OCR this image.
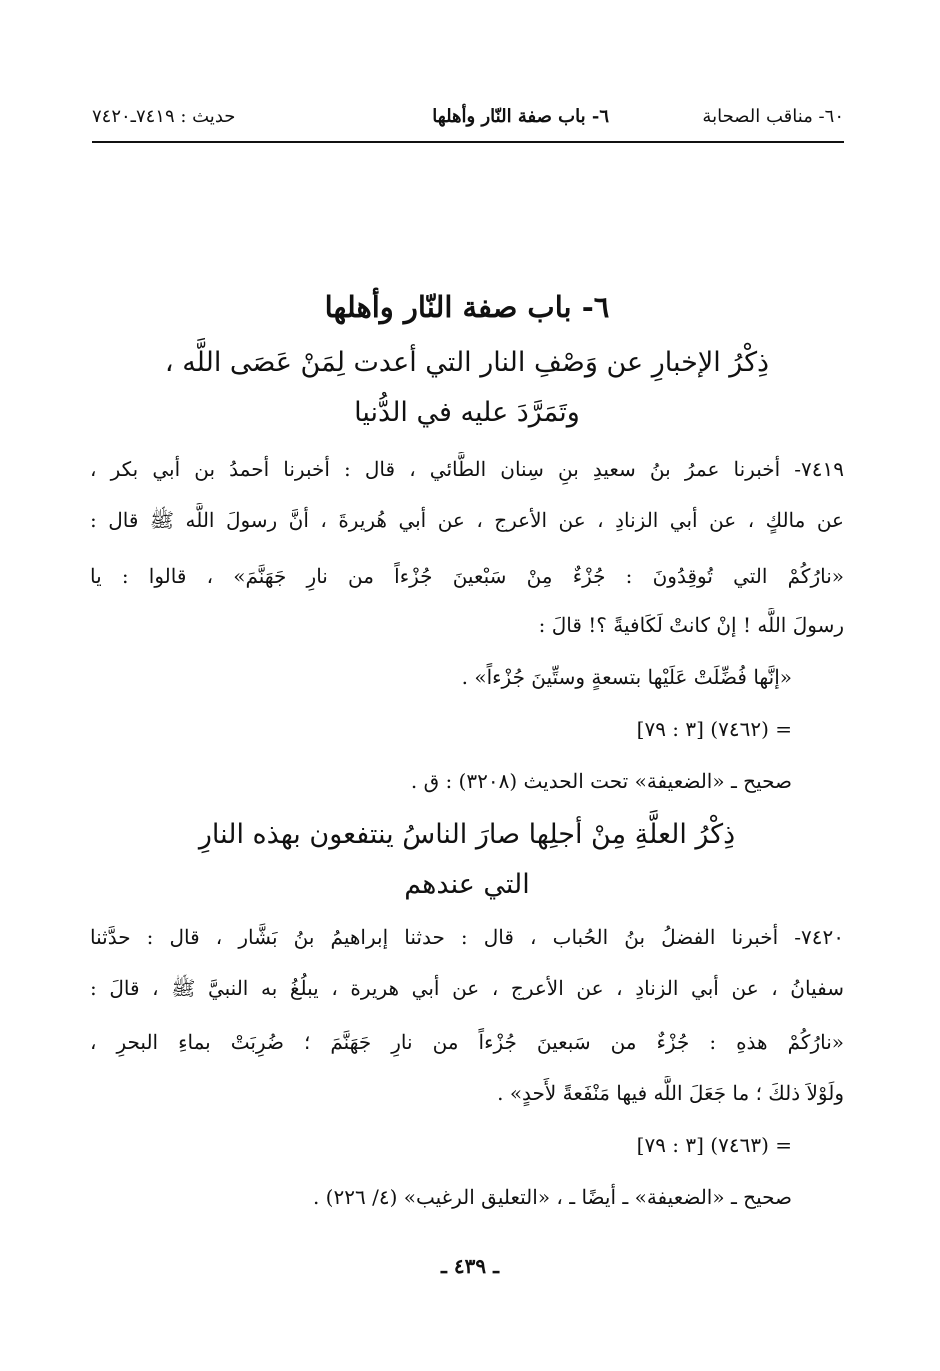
٦٠- مناقب الصحابة
٦- باب صفة النّار وأهلها
حديث : ٧٤١٩ـ٧٤٢٠
٦- باب صفة النّار وأهلها
ذِكْرُ الإخبارِ عن وَصْفِ النار التي أعدت لِمَنْ عَصَى اللَّه ،
وتَمَرَّدَ عليه في الدُّنيا
٧٤١٩- أخبرنا عمرُ بنُ سعيدِ بنِ سِنان الطَّائي ، قال : أخبرنا أحمدُ بن أبي بكر ،
عن مالكٍ ، عن أبي الزنادِ ، عن الأعرج ، عن أبي هُريرةَ ، أنَّ رسولَ اللَّه ﷺ قال :
«نارُكُمْ التي تُوقِدُونَ : جُزْءٌ مِنْ سَبْعينَ جُزْءاً من نارِ جَهَنَّمَ» ، قالوا : يا
رسولَ اللَّه ! إنْ كانتْ لَكَافيةً ؟! قالَ :
«إنَّها فُضِّلَتْ عَلَيْها بتسعةٍ وستِّينَ جُزْءاً» .
= (٧٤٦٢) [٣ : ٧٩]
صحيح ـ «الضعيفة» تحت الحديث (٣٢٠٨) : ق .
ذِكْرُ العلَّةِ مِنْ أجلِها صارَ الناسُ ينتفعون بهذه النارِ
التي عندهم
٧٤٢٠- أخبرنا الفضلُ بنُ الحُباب ، قال : حدثنا إبراهيمُ بنُ بَشَّار ، قال : حدَّثنا
سفيانُ ، عن أبي الزنادِ ، عن الأعرج ، عن أبي هريرة ، يبلُغُ به النبيَّ ﷺ ، قالَ :
«نارُكُمْ هذهِ : جُزْءٌ من سَبعينَ جُزْءاً من نارِ جَهَنَّمَ ؛ ضُرِبَتْ بماءِ البحرِ ،
ولَوْلاَ ذلكَ ؛ ما جَعَلَ اللَّه فيها مَنْفَعةً لأَحدٍ» .
= (٧٤٦٣) [٣ : ٧٩]
صحيح ـ «الضعيفة» ـ أيضًا ـ ، «التعليق الرغيب» (٤/ ٢٢٦) .
ـ ٤٣٩ ـ
